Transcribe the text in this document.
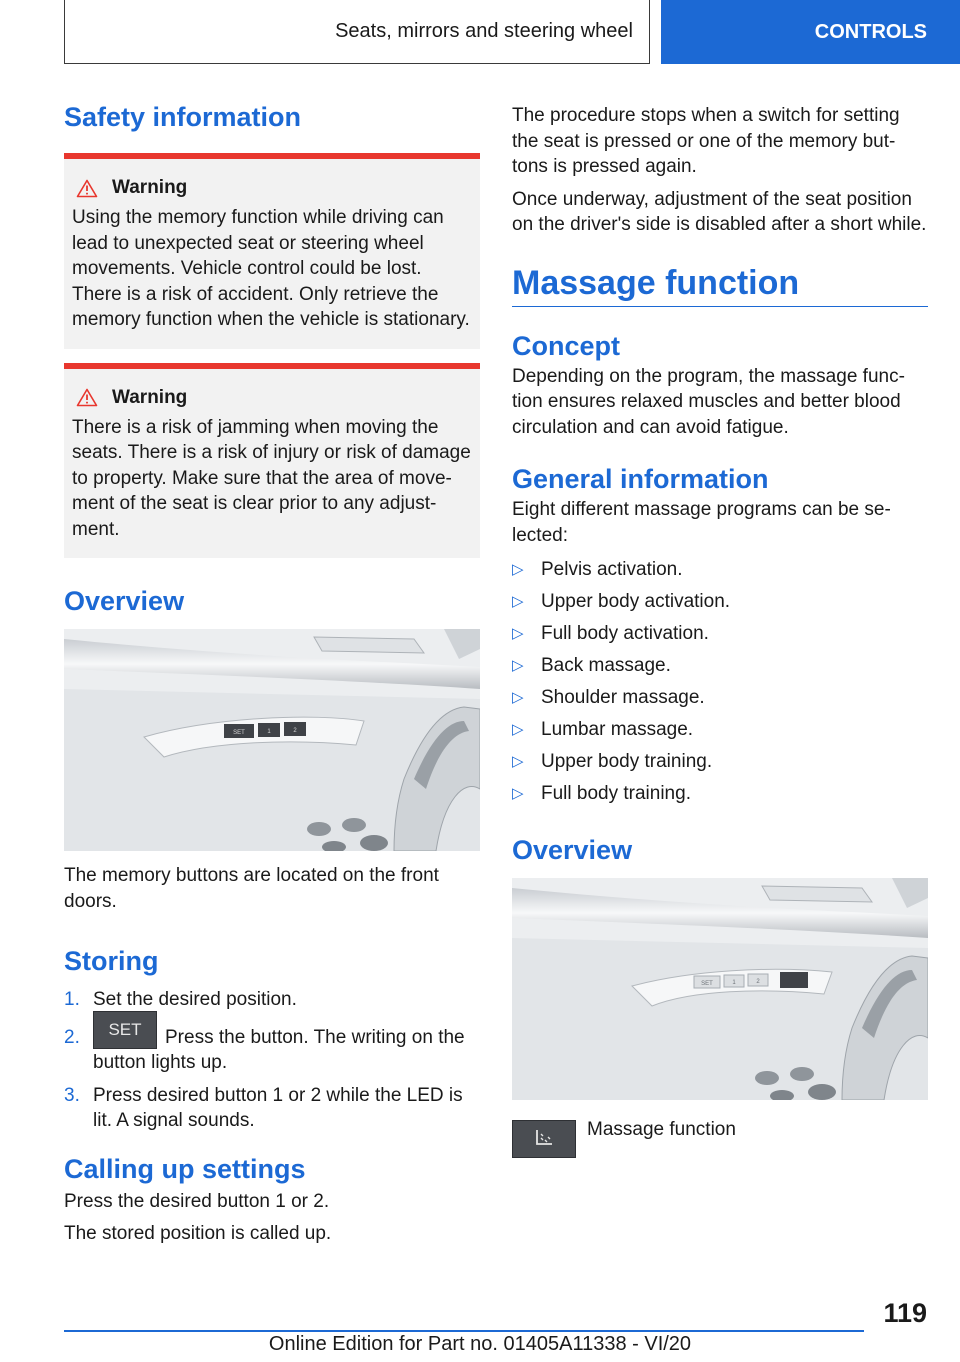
Seats, mirrors and steering wheel	CONTROLS
Safety information
Warning

Using the memory function while driving can lead to unexpected seat or steering wheel movements. Vehicle control could be lost. There is a risk of accident. Only retrieve the memory function when the vehicle is stationary.

Warning

There is a risk of jamming when moving the seats. There is a risk of injury or risk of damage to property. Make sure that the area of move-ment of the seat is clear prior to any adjust-ment.

Overview
SET	1	2

The memory buttons are located on the front doors.

Storing
1. Set the desired position.
2.	SET Press the button. The writing on the button lights up.
3. Press desired button 1 or 2 while the LED is lit. A signal sounds.
Calling up settings

Press the desired button 1 or 2.

The stored position is called up.

The procedure stops when a switch for setting the seat is pressed or one of the memory but-tons is pressed again.

Once underway, adjustment of the seat position on the driver's side is disabled after a short while.

Massage function
Concept

Depending on the program, the massage func-tion ensures relaxed muscles and better blood circulation and can avoid fatigue.

General information

Eight different massage programs can be se-lected:

▷ Pelvis activation.
▷ Upper body activation.
▷ Full body activation.
▷ Back massage.
▷ Shoulder massage.
▷ Lumbar massage.
▷ Upper body training.
▷ Full body training.
Overview
SET	1	2
Massage function
119
Online Edition for Part no. 01405A11338 - VI/20
